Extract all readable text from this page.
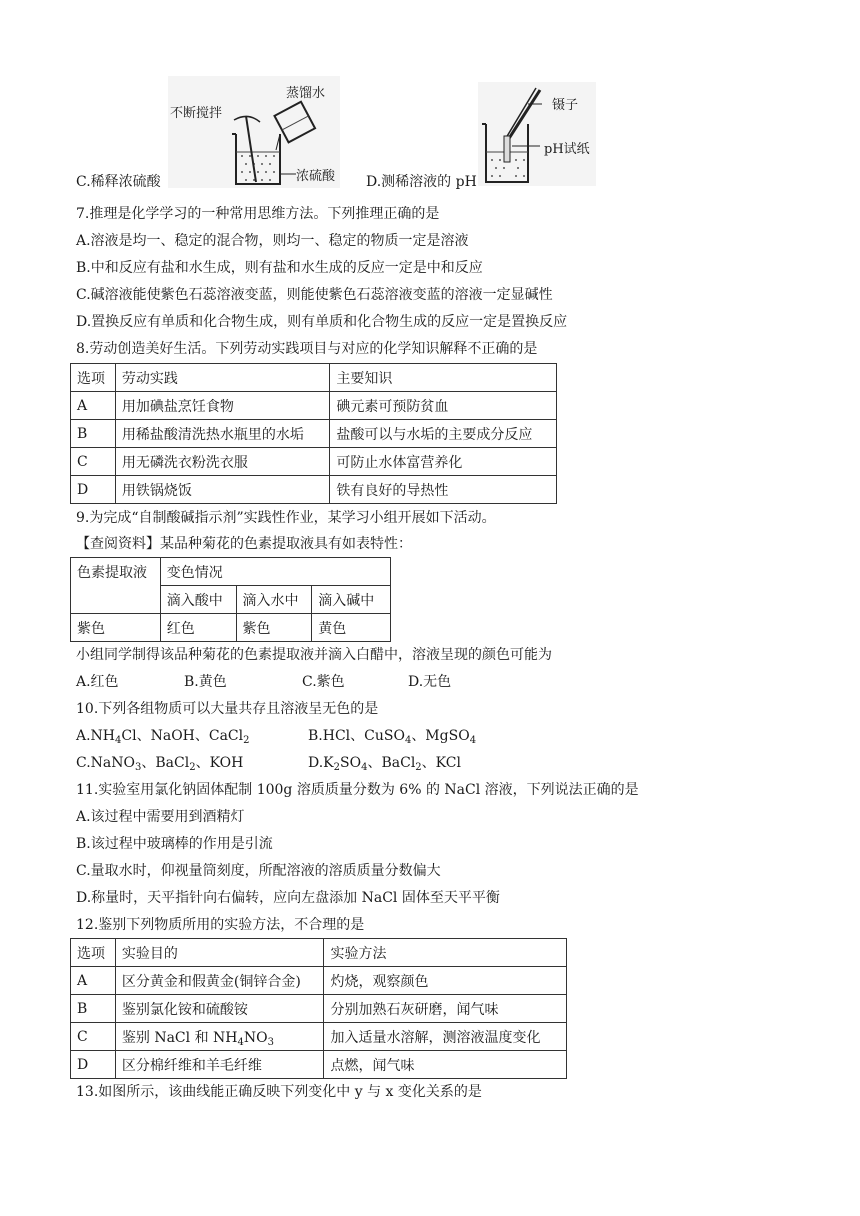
不断搅拌
蒸馏水
浓硫酸
镊子
pH试纸
C.稀释浓硫酸	D.测稀溶液的 pH
7.推理是化学学习的一种常用思维方法。下列推理正确的是
A.溶液是均一、稳定的混合物，则均一、稳定的物质一定是溶液
B.中和反应有盐和水生成，则有盐和水生成的反应一定是中和反应
C.碱溶液能使紫色石蕊溶液变蓝，则能使紫色石蕊溶液变蓝的溶液一定显碱性
D.置换反应有单质和化合物生成，则有单质和化合物生成的反应一定是置换反应
8.劳动创造美好生活。下列劳动实践项目与对应的化学知识解释不正确的是
选项	劳动实践	主要知识
A	用加碘盐烹饪食物	碘元素可预防贫血
B	用稀盐酸清洗热水瓶里的水垢	盐酸可以与水垢的主要成分反应
C	用无磷洗衣粉洗衣服	可防止水体富营养化
D	用铁锅烧饭	铁有良好的导热性
9.为完成“自制酸碱指示剂”实践性作业，某学习小组开展如下活动。
【查阅资料】某品种菊花的色素提取液具有如表特性：
色素提取液	变色情况		
	滴入酸中	滴入水中	滴入碱中
紫色	红色	紫色	黄色
小组同学制得该品种菊花的色素提取液并滴入白醋中，溶液呈现的颜色可能为
A.红色	B.黄色	C.紫色	D.无色
10.下列各组物质可以大量共存且溶液呈无色的是
$A.NH_4Cl$、NaOH、CaCl$_2$	B.HCl、CuSO$_4$、MgSO$_4$
C.NaNO$_3$、BaCl$_2$、KOH	$D.K_2SO_4$、BaCl$_2$、KCl
11.实验室用氯化钠固体配制 100g 溶质质量分数为 6% 的 NaCl 溶液，下列说法正确的是
A.该过程中需要用到酒精灯
B.该过程中玻璃棒的作用是引流
C.量取水时，仰视量筒刻度，所配溶液的溶质质量分数偏大
D.称量时，天平指针向右偏转，应向左盘添加 NaCl 固体至天平平衡
12.鉴别下列物质所用的实验方法，不合理的是
选项	实验目的	实验方法
A	区分黄金和假黄金(铜锌合金)	灼烧，观察颜色
B	鉴别氯化铵和硫酸铵	分别加熟石灰研磨，闻气味
C	鉴别 NaCl 和 $NH_4NO_3$	加入适量水溶解，测溶液温度变化
D	区分棉纤维和羊毛纤维	点燃，闻气味
13.如图所示，该曲线能正确反映下列变化中 y 与 x 变化关系的是
